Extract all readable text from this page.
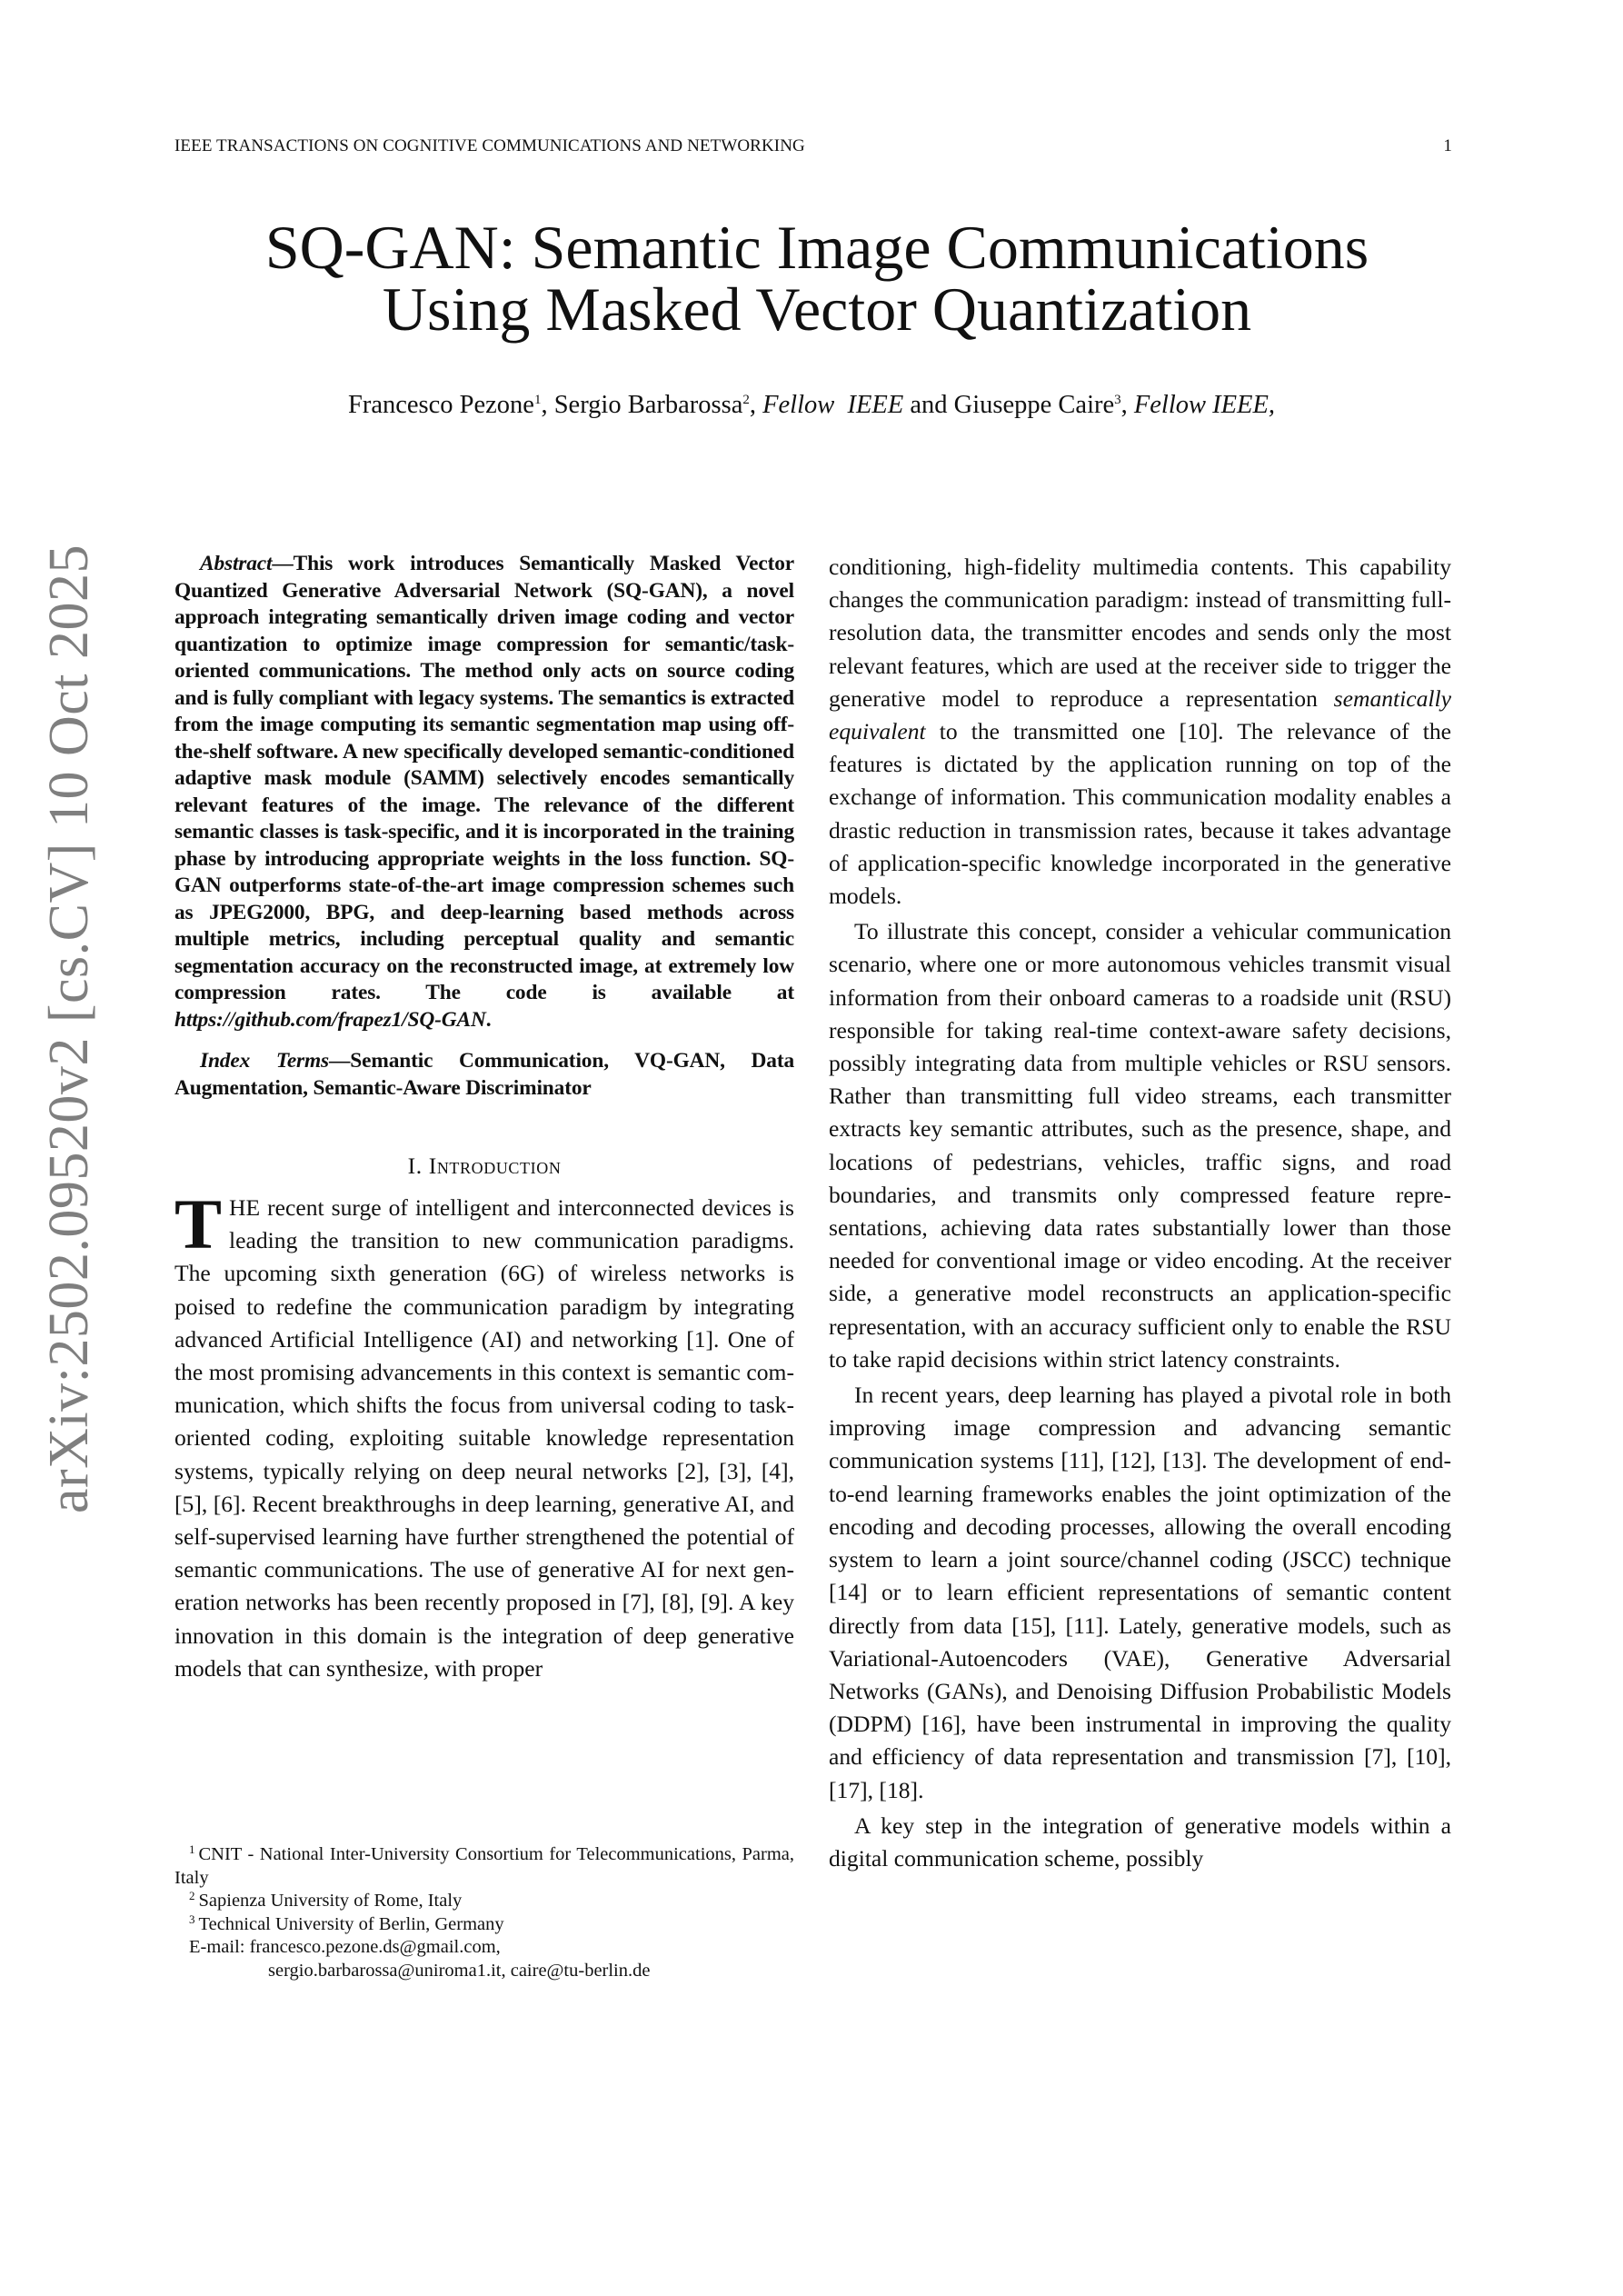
IEEE TRANSACTIONS ON COGNITIVE COMMUNICATIONS AND NETWORKING	1
arXiv:2502.09520v2 [cs.CV] 10 Oct 2025
SQ-GAN: Semantic Image Communications
Using Masked Vector Quantization
Francesco Pezone$^1$, Sergio Barbarossa$^2$, Fellow  IEEE and Giuseppe Caire$^3$, Fellow IEEE,

Abstract—This work introduces Semantically Masked Vector Quantized Generative Adversarial Network (SQ-GAN), a novel approach integrating semantically driven image coding and vector quantization to optimize image compression for semantic/task-oriented communications. The method only acts on source coding and is fully compliant with legacy systems. The semantics is extracted from the image computing its semantic segmentation map using off-the-shelf software. A new specifically developed semantic-conditioned adaptive mask module (SAMM) selectively encodes semantically relevant features of the image. The relevance of the different semantic classes is task-specific, and it is incorporated in the training phase by introducing appropriate weights in the loss function. SQ-GAN outperforms state-of-the-art image compression schemes such as JPEG2000, BPG, and deep-learning based methods across multiple metrics, including perceptual quality and semantic segmentation accuracy on the reconstructed image, at extremely low compression rates. The code is available at https://github.com/frapez1/SQ-GAN.

Index Terms—Semantic Communication, VQ-GAN, Data Augmentation, Semantic-Aware Discriminator

I. Introduction

THE recent surge of intelligent and interconnected devices is leading the transition to new communication paradigms. The upcoming sixth generation (6G) of wireless networks is poised to redefine the communication paradigm by integrating advanced Artificial Intelligence (AI) and networking [1]. One of the most promising advancements in this context is semantic communication, which shifts the focus from universal coding to task-oriented coding, exploiting suitable knowledge representation systems, typically relying on deep neural networks [2], [3], [4], [5], [6]. Recent breakthroughs in deep learning, generative AI, and self-supervised learning have further strengthened the potential of semantic communications. The use of generative AI for next generation networks has been recently proposed in [7], [8], [9]. A key innovation in this domain is the integration of deep generative models that can synthesize, with proper

$^1$ CNIT - National Inter-University Consortium for Telecommunications, Parma, Italy

$^2$ Sapienza University of Rome, Italy

$^3$ Technical University of Berlin, Germany

E-mail: francesco.pezone.ds@gmail.com,

sergio.barbarossa@uniroma1.it, caire@tu-berlin.de

conditioning, high-fidelity multimedia contents. This capability changes the communication paradigm: instead of transmitting full-resolution data, the transmitter encodes and sends only the most relevant features, which are used at the receiver side to trigger the generative model to reproduce a representation semantically equivalent to the transmitted one [10]. The relevance of the features is dictated by the application running on top of the exchange of information. This communication modality enables a drastic reduction in transmission rates, because it takes advantage of application-specific knowledge incorporated in the generative models.

To illustrate this concept, consider a vehicular communication scenario, where one or more autonomous vehicles transmit visual information from their onboard cameras to a roadside unit (RSU) responsible for taking real-time context-aware safety decisions, possibly integrating data from multiple vehicles or RSU sensors. Rather than transmitting full video streams, each transmitter extracts key semantic attributes, such as the presence, shape, and locations of pedestrians, vehicles, traffic signs, and road boundaries, and transmits only compressed feature representations, achieving data rates substantially lower than those needed for conventional image or video encoding. At the receiver side, a generative model reconstructs an application-specific representation, with an accuracy sufficient only to enable the RSU to take rapid decisions within strict latency constraints.

In recent years, deep learning has played a pivotal role in both improving image compression and advancing semantic communication systems [11], [12], [13]. The development of end-to-end learning frameworks enables the joint optimization of the encoding and decoding processes, allowing the overall encoding system to learn a joint source/channel coding (JSCC) technique [14] or to learn efficient representations of semantic content directly from data [15], [11]. Lately, generative models, such as Variational-Autoencoders (VAE), Generative Adversarial Networks (GANs), and Denoising Diffusion Probabilistic Models (DDPM) [16], have been instrumental in improving the quality and efficiency of data representation and transmission [7], [10], [17], [18].

A key step in the integration of generative models within a digital communication scheme, possibly
